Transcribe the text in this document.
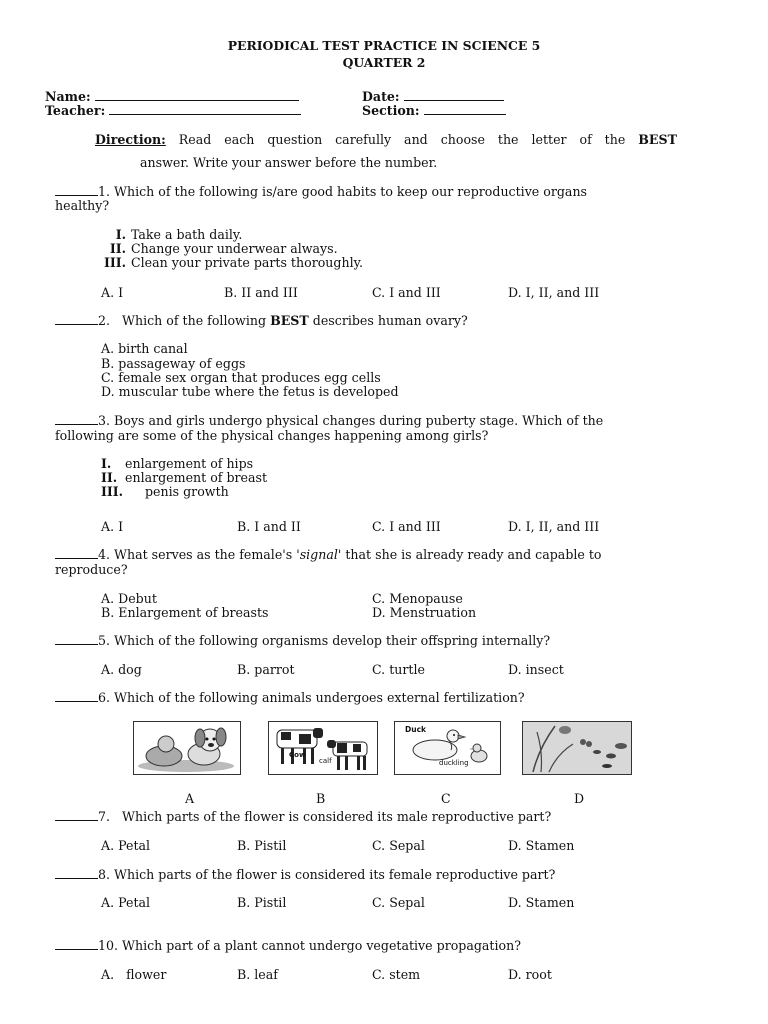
PERIODICAL TEST PRACTICE IN SCIENCE 5
QUARTER 2
Name:	Date:
Teacher:	Section:
Direction: Read each question carefully and choose the letter of the BEST
answer. Write your answer before the number.
1. Which of the following is/are good habits to keep our reproductive organs
healthy?
I. Take a bath daily.
II. Change your underwear always.
III. Clean your private parts thoroughly.
A. I	B. II and III	C. I and III	D. I, II, and III
2. Which of the following BEST describes human ovary?
A. birth canal
B. passageway of eggs
C. female sex organ that produces egg cells
D. muscular tube where the fetus is developed
3. Boys and girls undergo physical changes during puberty stage. Which of the
following are some of the physical changes happening among girls?
I. enlargement of hips
II. enlargement of breast
III. penis growth
A. I	B. I and II	C. I and III	D. I, II, and III
4. What serves as the female's 'signal' that she is already ready and capable to
reproduce?
A. Debut	C. Menopause
B. Enlargement of breasts	D. Menstruation
5. Which of the following organisms develop their offspring internally?
A. dog	B. parrot	C. turtle	D. insect
6. Which of the following animals undergoes external fertilization?
Cow
calf
Duck
duckling
A	B	C	D
7. Which parts of the flower is considered its male reproductive part?
A. Petal	B. Pistil	C. Sepal	D. Stamen
8. Which parts of the flower is considered its female reproductive part?
A. Petal	B. Pistil	C. Sepal	D. Stamen
10. Which part of a plant cannot undergo vegetative propagation?
A.   flower	B. leaf	C. stem	D. root
